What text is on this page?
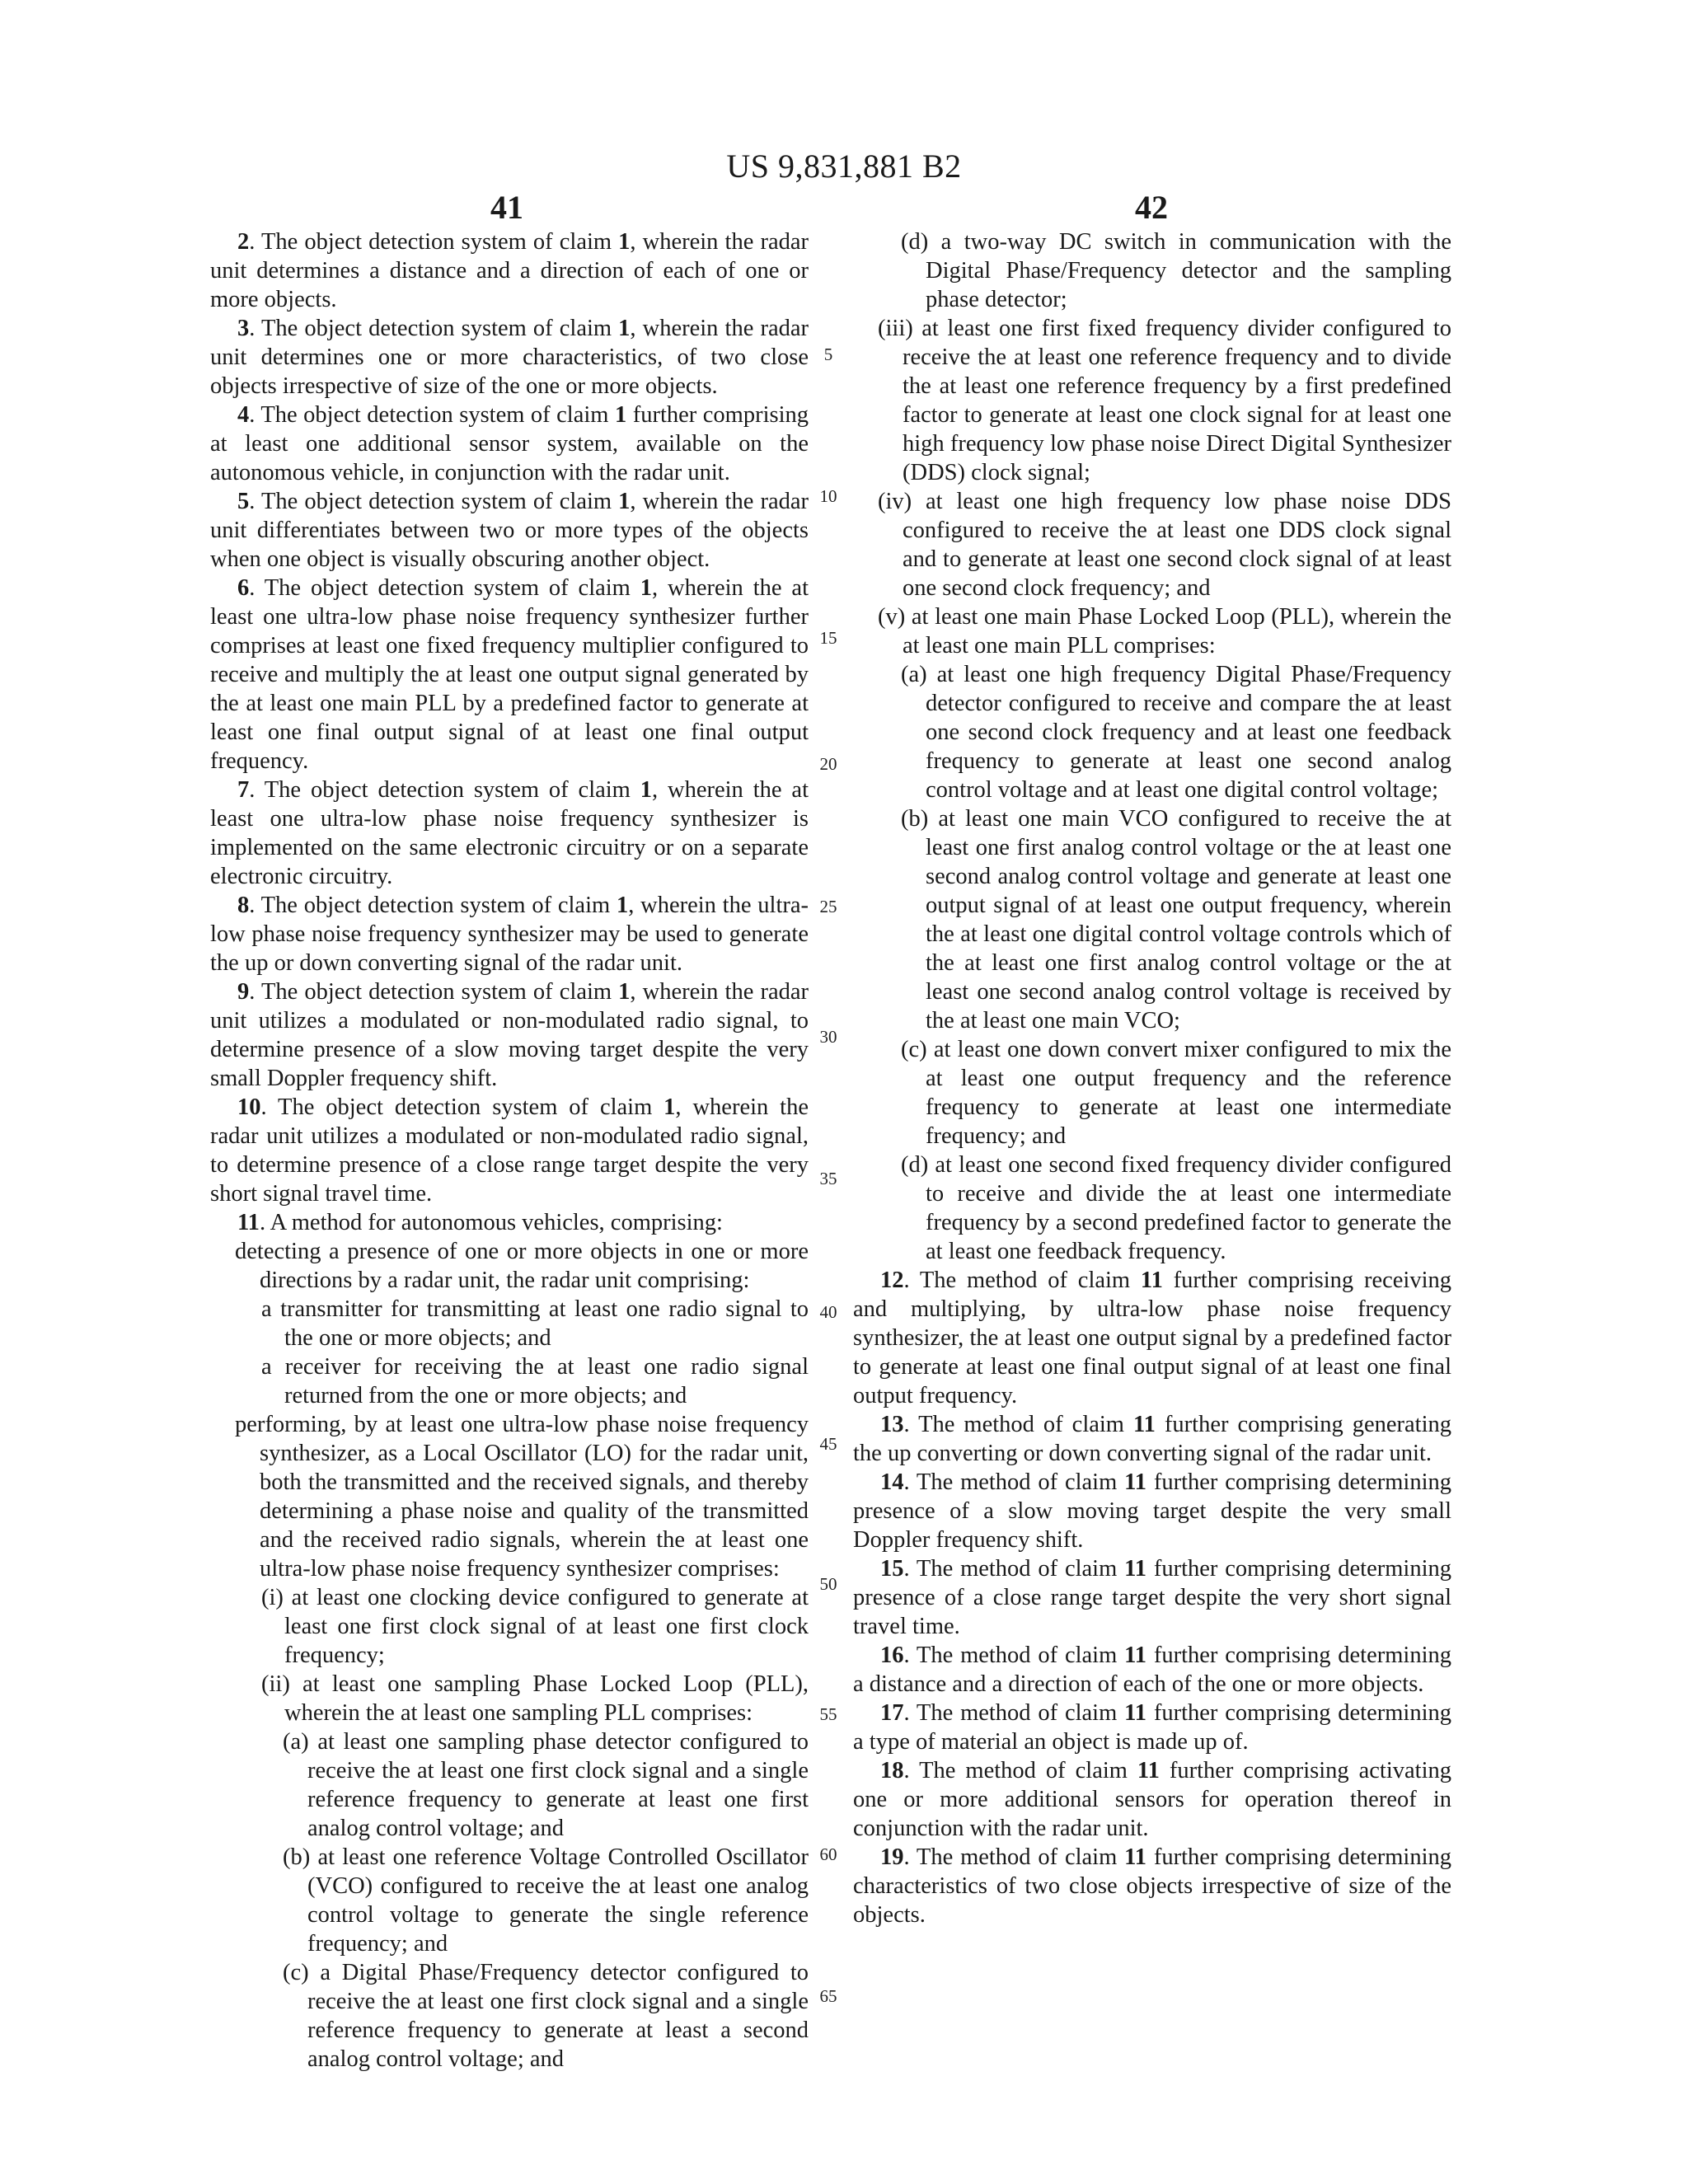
US 9,831,881 B2
41	42

2. The object detection system of claim 1, wherein the radar unit determines a distance and a direction of each of one or more objects.

3. The object detection system of claim 1, wherein the radar unit determines one or more characteristics, of two close objects irrespective of size of the one or more objects.

4. The object detection system of claim 1 further comprising at least one additional sensor system, available on the autonomous vehicle, in conjunction with the radar unit.

5. The object detection system of claim 1, wherein the radar unit differentiates between two or more types of the objects when one object is visually obscuring another object.

6. The object detection system of claim 1, wherein the at least one ultra-low phase noise frequency synthesizer further comprises at least one fixed frequency multiplier configured to receive and multiply the at least one output signal generated by the at least one main PLL by a predefined factor to generate at least one final output signal of at least one final output frequency.

7. The object detection system of claim 1, wherein the at least one ultra-low phase noise frequency synthesizer is implemented on the same electronic circuitry or on a separate electronic circuitry.

8. The object detection system of claim 1, wherein the ultra-low phase noise frequency synthesizer may be used to generate the up or down converting signal of the radar unit.

9. The object detection system of claim 1, wherein the radar unit utilizes a modulated or non-modulated radio signal, to determine presence of a slow moving target despite the very small Doppler frequency shift.

10. The object detection system of claim 1, wherein the radar unit utilizes a modulated or non-modulated radio signal, to determine presence of a close range target despite the very short signal travel time.

11. A method for autonomous vehicles, comprising:

detecting a presence of one or more objects in one or more directions by a radar unit, the radar unit comprising:

a transmitter for transmitting at least one radio signal to the one or more objects; and

a receiver for receiving the at least one radio signal returned from the one or more objects; and

performing, by at least one ultra-low phase noise frequency synthesizer, as a Local Oscillator (LO) for the radar unit, both the transmitted and the received signals, and thereby determining a phase noise and quality of the transmitted and the received radio signals, wherein the at least one ultra-low phase noise frequency synthesizer comprises:

(i) at least one clocking device configured to generate at least one first clock signal of at least one first clock frequency;

(ii) at least one sampling Phase Locked Loop (PLL), wherein the at least one sampling PLL comprises:

(a) at least one sampling phase detector configured to receive the at least one first clock signal and a single reference frequency to generate at least one first analog control voltage; and

(b) at least one reference Voltage Controlled Oscillator (VCO) configured to receive the at least one analog control voltage to generate the single reference frequency; and

(c) a Digital Phase/Frequency detector configured to receive the at least one first clock signal and a single reference frequency to generate at least a second analog control voltage; and

(d) a two-way DC switch in communication with the Digital Phase/Frequency detector and the sampling phase detector;

(iii) at least one first fixed frequency divider configured to receive the at least one reference frequency and to divide the at least one reference frequency by a first predefined factor to generate at least one clock signal for at least one high frequency low phase noise Direct Digital Synthesizer (DDS) clock signal;

(iv) at least one high frequency low phase noise DDS configured to receive the at least one DDS clock signal and to generate at least one second clock signal of at least one second clock frequency; and

(v) at least one main Phase Locked Loop (PLL), wherein the at least one main PLL comprises:

(a) at least one high frequency Digital Phase/Frequency detector configured to receive and compare the at least one second clock frequency and at least one feedback frequency to generate at least one second analog control voltage and at least one digital control voltage;

(b) at least one main VCO configured to receive the at least one first analog control voltage or the at least one second analog control voltage and generate at least one output signal of at least one output frequency, wherein the at least one digital control voltage controls which of the at least one first analog control voltage or the at least one second analog control voltage is received by the at least one main VCO;

(c) at least one down convert mixer configured to mix the at least one output frequency and the reference frequency to generate at least one intermediate frequency; and

(d) at least one second fixed frequency divider configured to receive and divide the at least one intermediate frequency by a second predefined factor to generate the at least one feedback frequency.

12. The method of claim 11 further comprising receiving and multiplying, by ultra-low phase noise frequency synthesizer, the at least one output signal by a predefined factor to generate at least one final output signal of at least one final output frequency.

13. The method of claim 11 further comprising generating the up converting or down converting signal of the radar unit.

14. The method of claim 11 further comprising determining presence of a slow moving target despite the very small Doppler frequency shift.

15. The method of claim 11 further comprising determining presence of a close range target despite the very short signal travel time.

16. The method of claim 11 further comprising determining a distance and a direction of each of the one or more objects.

17. The method of claim 11 further comprising determining a type of material an object is made up of.

18. The method of claim 11 further comprising activating one or more additional sensors for operation thereof in conjunction with the radar unit.

19. The method of claim 11 further comprising determining characteristics of two close objects irrespective of size of the objects.

5
10
15
20
25
30
35
40
45
50
55
60
65
